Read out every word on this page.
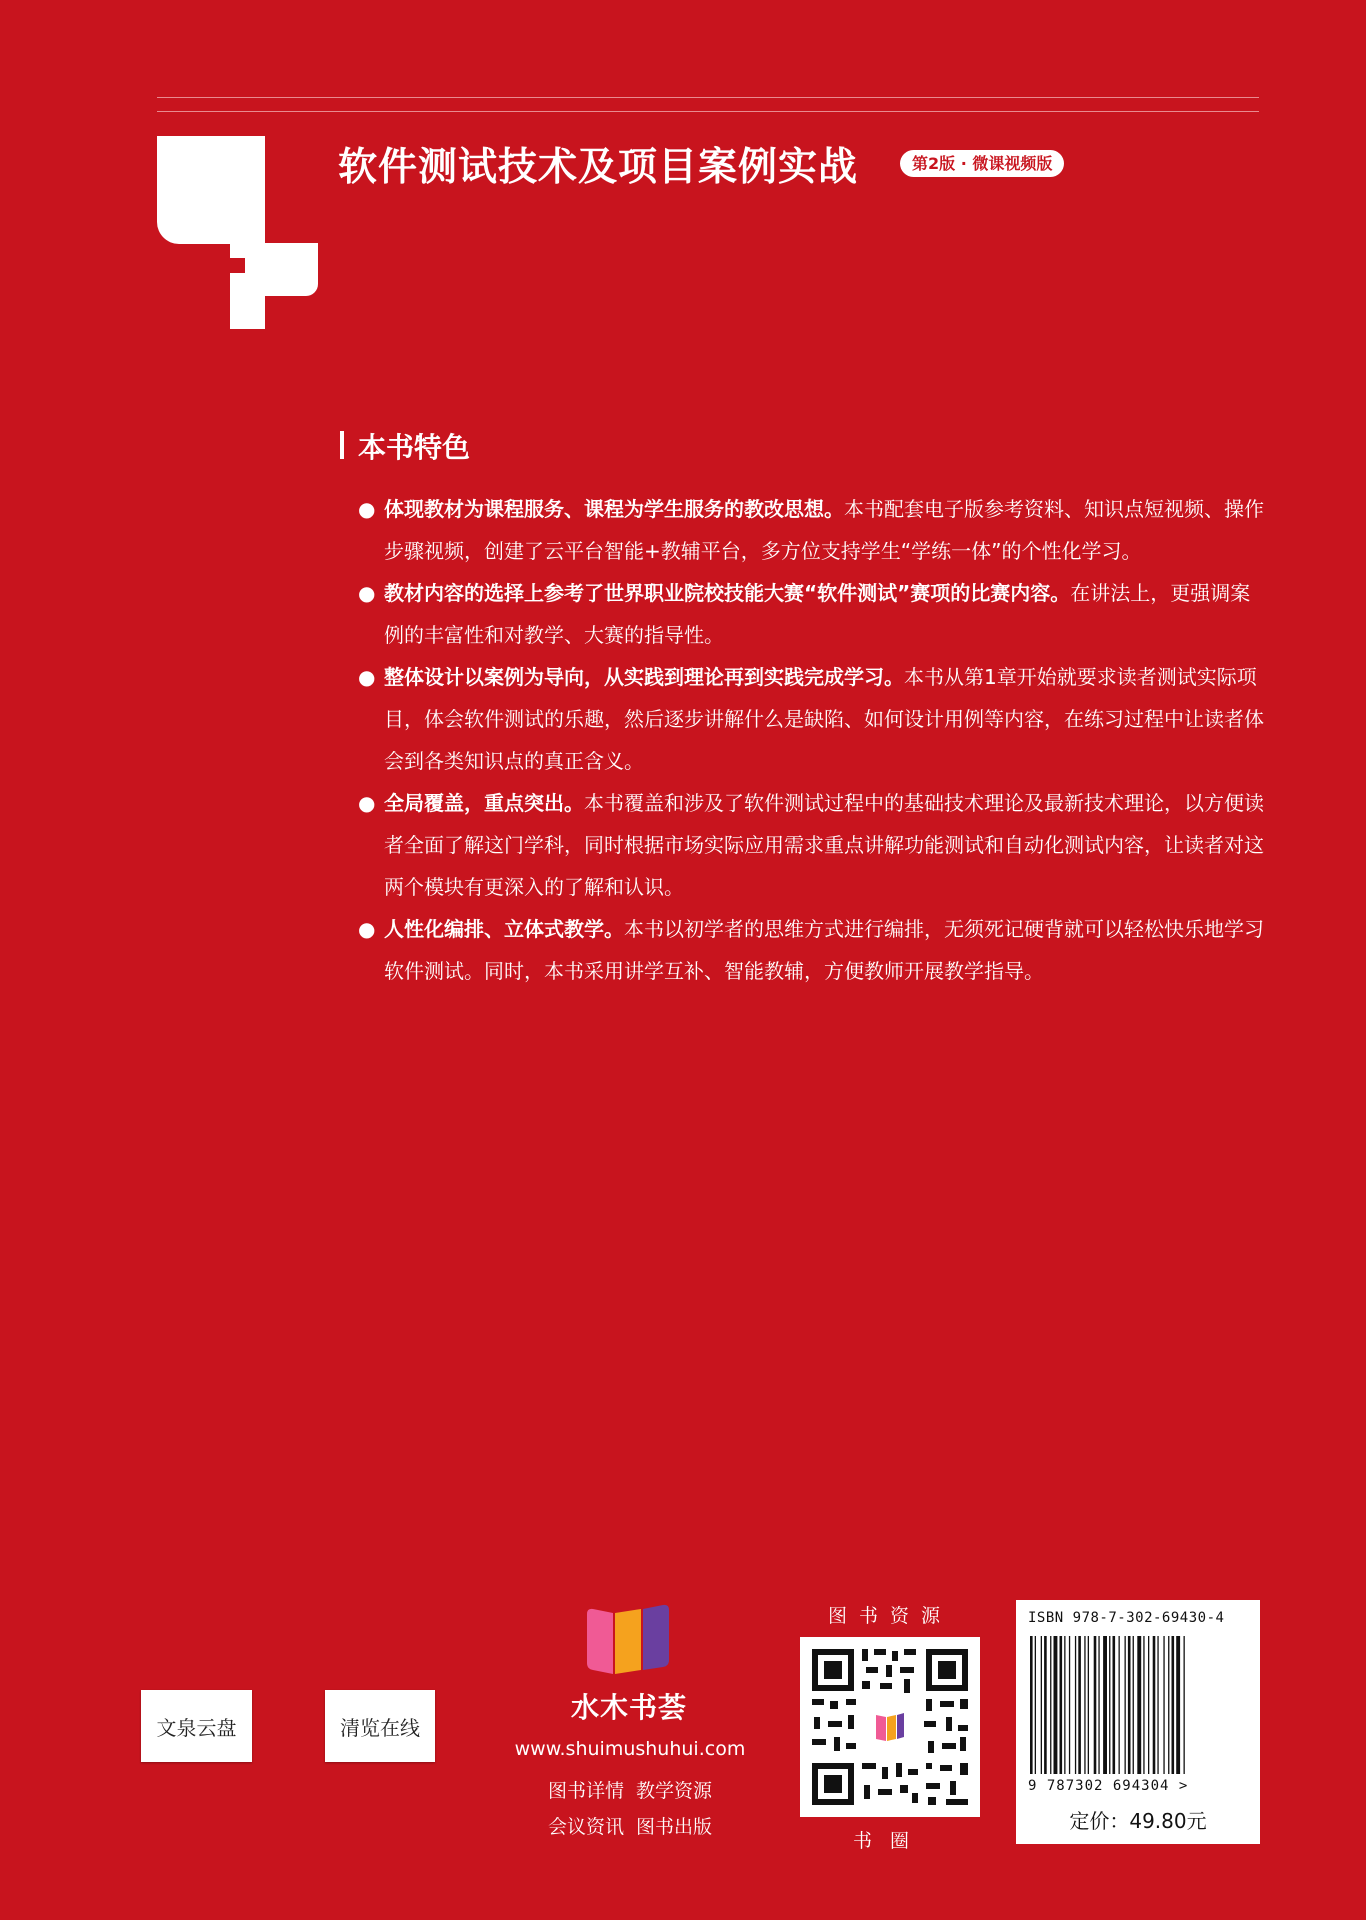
软件测试技术及项目案例实战	第2版 · 微课视频版
本书特色
● 体现教材为课程服务、课程为学生服务的教改思想。本书配套电子版参考资料、知识点短视频、操作步骤视频，创建了云平台智能+教辅平台，多方位支持学生“学练一体”的个性化学习。
● 教材内容的选择上参考了世界职业院校技能大赛“软件测试”赛项的比赛内容。在讲法上，更强调案例的丰富性和对教学、大赛的指导性。
● 整体设计以案例为导向，从实践到理论再到实践完成学习。本书从第1章开始就要求读者测试实际项目，体会软件测试的乐趣，然后逐步讲解什么是缺陷、如何设计用例等内容，在练习过程中让读者体会到各类知识点的真正含义。
● 全局覆盖，重点突出。本书覆盖和涉及了软件测试过程中的基础技术理论及最新技术理论，以方便读者全面了解这门学科，同时根据市场实际应用需求重点讲解功能测试和自动化测试内容，让读者对这两个模块有更深入的了解和认识。
● 人性化编排、立体式教学。本书以初学者的思维方式进行编排，无须死记硬背就可以轻松快乐地学习软件测试。同时，本书采用讲学互补、智能教辅，方便教师开展教学指导。
文泉云盘	清览在线
水木书荟
www.shuimushuhui.com
图书详情 教学资源
会议资讯 图书出版
图书资源
书圈
ISBN 978-7-302-69430-4
9 787302 694304 >
定价：49.80元
